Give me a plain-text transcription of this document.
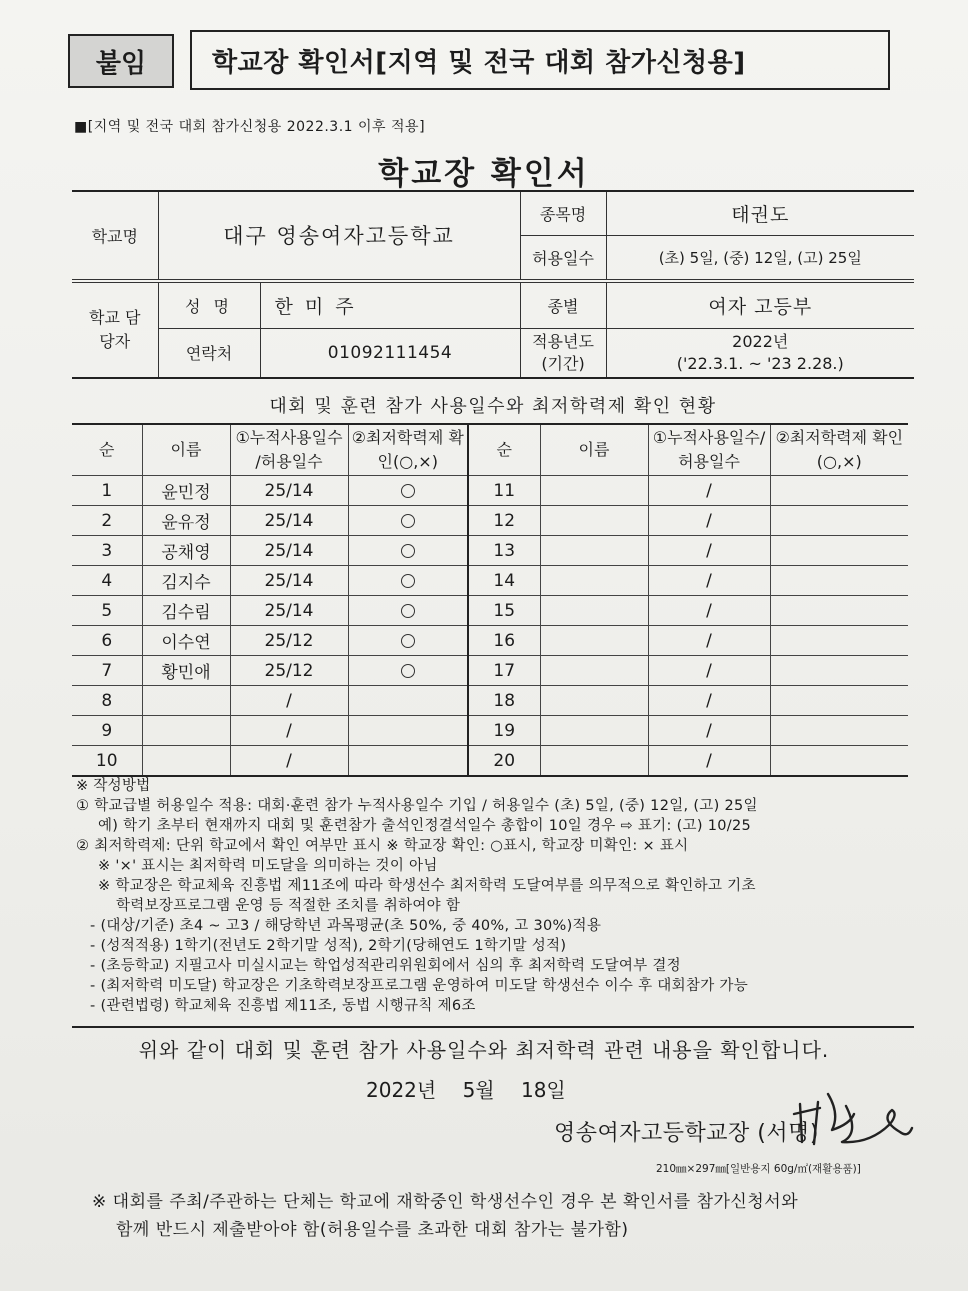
붙임	학교장 확인서[지역 및 전국 대회 참가신청용]
■[지역 및 전국 대회 참가신청용 2022.3.1 이후 적용]
학교장 확인서
학교명	대구 영송여자고등학교		종목명	태권도
			허용일수	(초) 5일, (중) 12일, (고) 25일

학교 담당자	성 명	한 미 주	종별	여자 고등부
	연락처	01092111454	적용년도 (기간)	2022년
('22.3.1. ~ '23 2.28.)
대회 및 훈련 참가 사용일수와 최저학력제 확인 현황
순	이름	①누적사용일수 /허용일수	②최저학력제 확인(○,×)	순	이름	①누적사용일수/ 허용일수	②최저학력제 확인(○,×)
1	윤민정	25/14		11		/	
2	윤유정	25/14		12		/	
3	공채영	25/14		13		/	
4	김지수	25/14		14		/	
5	김수림	25/14		15		/	
6	이수연	25/12		16		/	
7	황민애	25/12		17		/	
8		/		18		/	
9		/		19		/	
10		/		20		/	
※ 작성방법
① 학교급별 허용일수 적용: 대회·훈련 참가 누적사용일수 기입 / 허용일수 (초) 5일, (중) 12일, (고) 25일
예) 학기 초부터 현재까지 대회 및 훈련참가 출석인정결석일수 총합이 10일 경우 ⇨ 표기: (고) 10/25
② 최저학력제: 단위 학교에서 확인 여부만 표시 ※ 학교장 확인: ○표시, 학교장 미확인: × 표시
※ '×' 표시는 최저학력 미도달을 의미하는 것이 아님
※ 학교장은 학교체육 진흥법 제11조에 따라 학생선수 최저학력 도달여부를 의무적으로 확인하고 기초
학력보장프로그램 운영 등 적절한 조치를 취하여야 함
- (대상/기준) 초4 ~ 고3 / 해당학년 과목평균(초 50%, 중 40%, 고 30%)적용
- (성적적용) 1학기(전년도 2학기말 성적), 2학기(당해연도 1학기말 성적)
- (초등학교) 지필고사 미실시교는 학업성적관리위원회에서 심의 후 최저학력 도달여부 결정
- (최저학력 미도달) 학교장은 기초학력보장프로그램 운영하여 미도달 학생선수 이수 후 대회참가 가능
- (관련법령) 학교체육 진흥법 제11조, 동법 시행규칙 제6조
위와 같이 대회 및 훈련 참가 사용일수와 최저학력 관련 내용을 확인합니다.
2022년 5월 18일
영송여자고등학교장 (서명)
210㎜×297㎜[일반용지 60g/㎡(재활용품)]
※ 대회를 주최/주관하는 단체는 학교에 재학중인 학생선수인 경우 본 확인서를 참가신청서와
함께 반드시 제출받아야 함(허용일수를 초과한 대회 참가는 불가함)
